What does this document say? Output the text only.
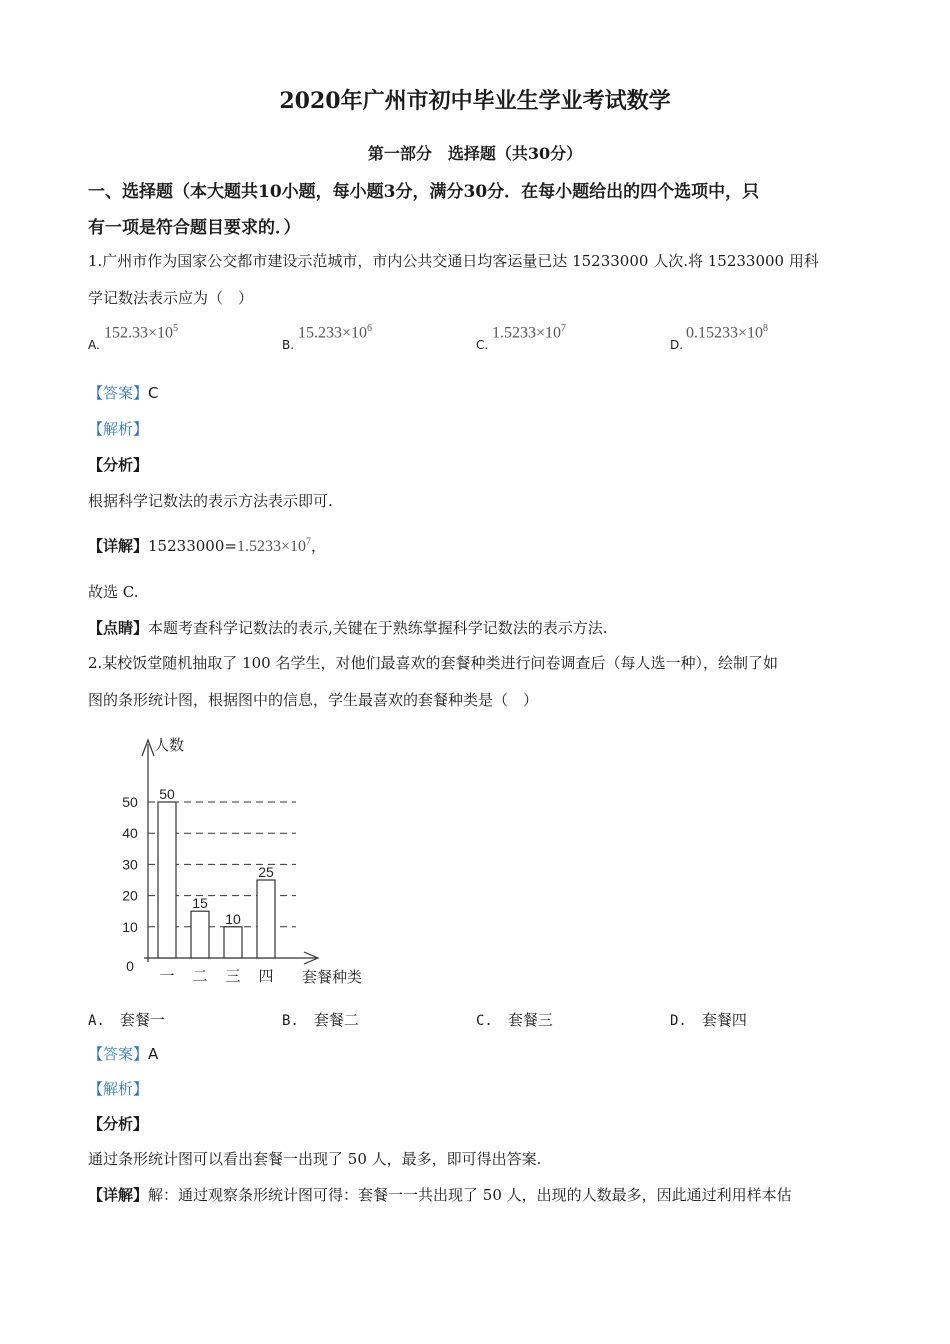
2020年广州市初中毕业生学业考试数学
第一部分　选择题（共30分）
一、选择题（本大题共10小题，每小题3分，满分30分．在每小题给出的四个选项中，只
有一项是符合题目要求的．）
1.广州市作为国家公交都市建设示范城市，市内公共交通日均客运量已达 15233000 人次.将 15233000 用科
学记数法表示应为（　）
A.
$152.33\times 10^5$
B.
$15.233\times 10^6$
C.
$1.5233\times 10^7$
D.
$0.15233\times 10^8$
【答案】C
【解析】
【分析】
根据科学记数法的表示方法表示即可.
【详解】$15233000=1.5233\times 10^7$，
故选 C.
【点睛】本题考查科学记数法的表示,关键在于熟练掌握科学记数法的表示方法.
2.某校饭堂随机抽取了 100 名学生，对他们最喜欢的套餐种类进行问卷调查后（每人选一种），绘制了如
图的条形统计图，根据图中的信息，学生最喜欢的套餐种类是（　）
0
10
20
30
40
50 50
一
15
二
10
三
25
四
人数
套餐种类
A.　 套餐一	B.　 套餐二	C.　 套餐三	D.　 套餐四
【答案】A
【解析】
【分析】
通过条形统计图可以看出套餐一出现了 50 人，最多，即可得出答案.
【详解】解：通过观察条形统计图可得：套餐一一共出现了 50 人，出现的人数最多，因此通过利用样本估
